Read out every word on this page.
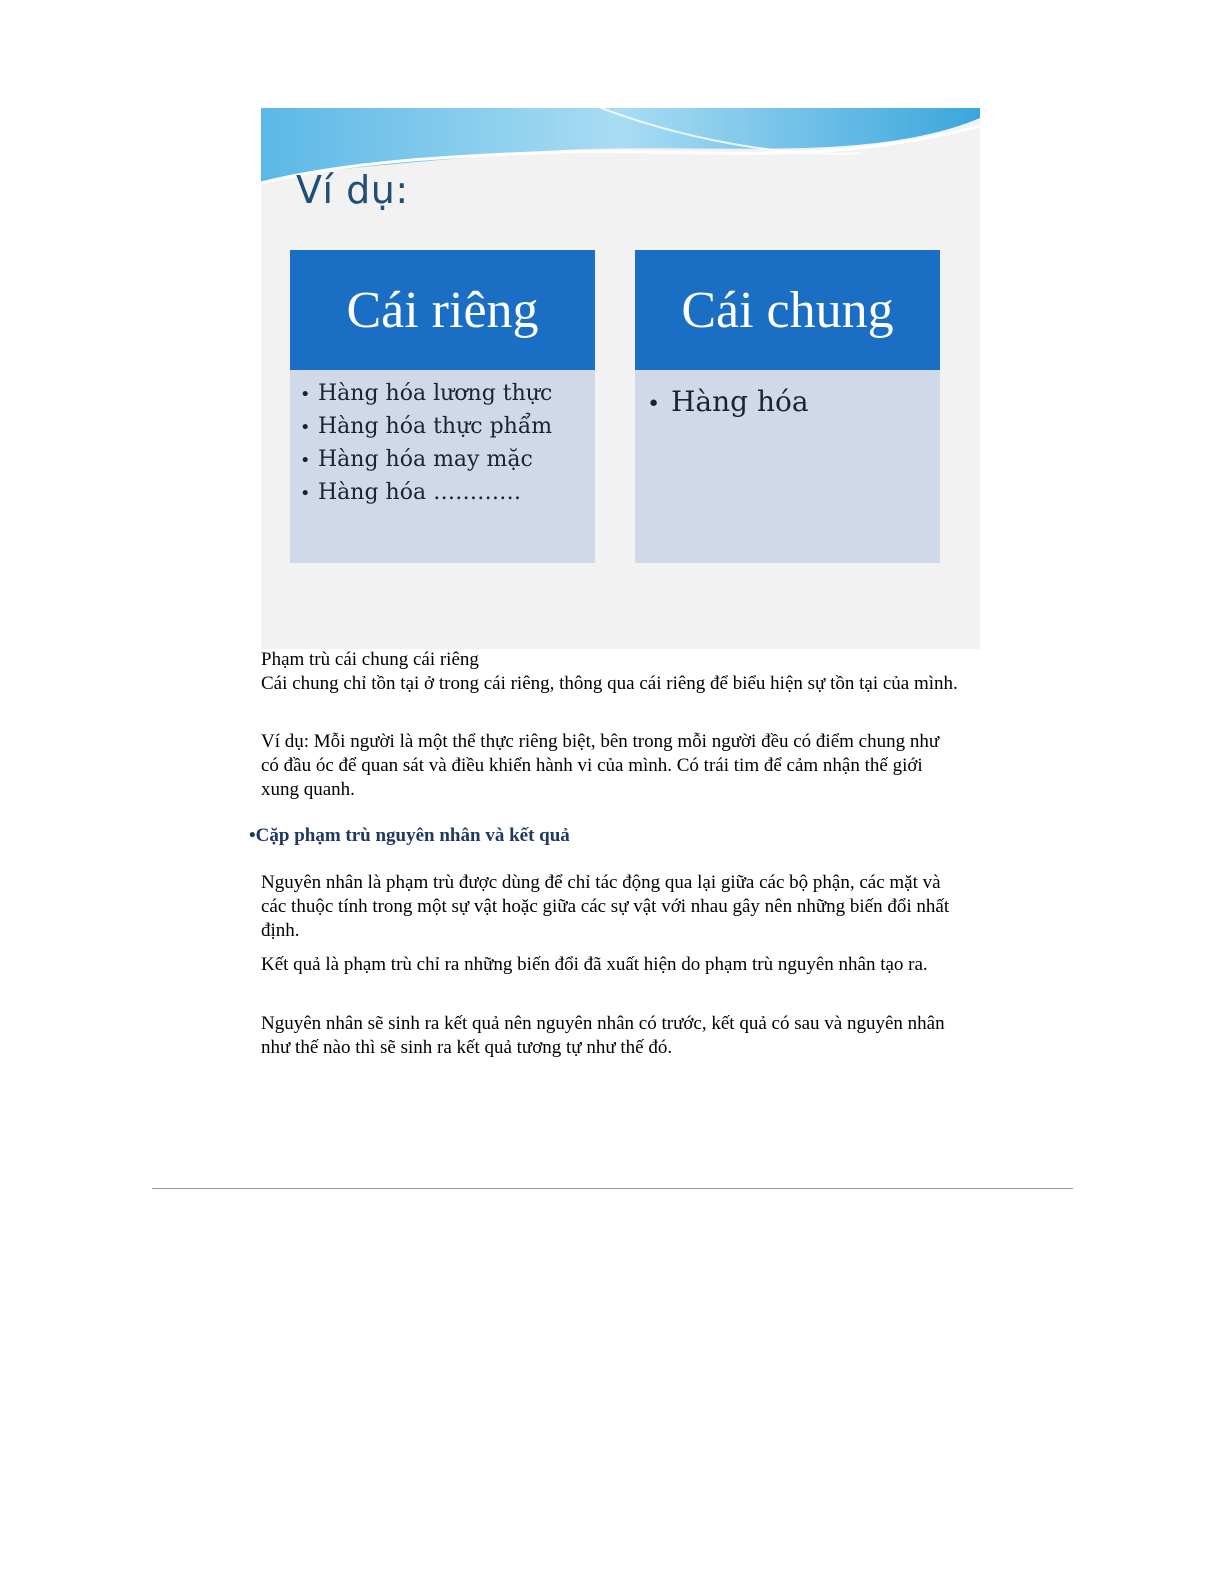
Ví dụ:
Cái riêng
• Hàng hóa lương thực
• Hàng hóa thực phẩm
• Hàng hóa may mặc
• Hàng hóa …………
Cái chung
• Hàng hóa

Phạm trù cái chung cái riêng

Cái chung chỉ tồn tại ở trong cái riêng, thông qua cái riêng để biểu hiện sự tồn tại của mình.

Ví dụ: Mỗi người là một thể thực riêng biệt, bên trong mỗi người đều có điểm chung như có đầu óc để quan sát và điều khiển hành vi của mình. Có trái tim để cảm nhận thế giới xung quanh.

•Cặp phạm trù nguyên nhân và kết quả

Nguyên nhân là phạm trù được dùng để chỉ tác động qua lại giữa các bộ phận, các mặt và các thuộc tính trong một sự vật hoặc giữa các sự vật với nhau gây nên những biến đổi nhất định.

Kết quả là phạm trù chỉ ra những biến đổi đã xuất hiện do phạm trù nguyên nhân tạo ra.

Nguyên nhân sẽ sinh ra kết quả nên nguyên nhân có trước, kết quả có sau và nguyên nhân như thế nào thì sẽ sinh ra kết quả tương tự như thế đó.
